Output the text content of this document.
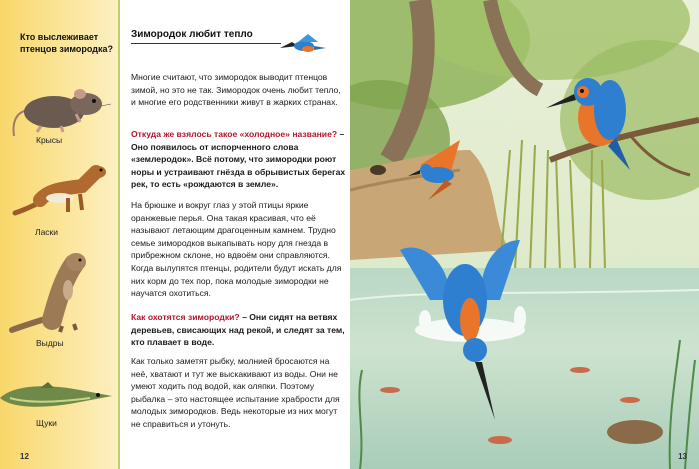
Кто выслеживает птенцов зимородка?
Крысы
Ласки
Выдры
Щуки
12
Зимородок любит тепло
Многие считают, что зимородок выводит птенцов зимой, но это не так. Зимородок очень любит тепло, и многие его родственники живут в жарких странах.
Откуда же взялось такое «холодное» название? – Оно появилось от испорченного слова «землеродок». Всё потому, что зимородки роют норы и устраивают гнёзда в обрывистых берегах рек, то есть «рождаются в земле».
На брюшке и вокруг глаз у этой птицы яркие оранжевые перья. Она такая красивая, что её называют летающим драгоценным камнем. Трудно семье зимородков выкапывать нору для гнезда в прибрежном склоне, но вдвоём они справляются. Когда вылупятся птенцы, родители будут искать для них корм до тех пор, пока молодые зимородки не научатся охотиться.
Как охотятся зимородки? – Они сидят на ветвях деревьев, свисающих над рекой, и следят за тем, кто плавает в воде.
Как только заметят рыбку, молнией бросаются на неё, хватают и тут же выскакивают из воды. Они не умеют ходить под водой, как оляпки. Поэтому рыбалка – это настоящее испытание храбрости для молодых зимородков. Ведь некоторые из них могут не справиться и утонуть.
13
